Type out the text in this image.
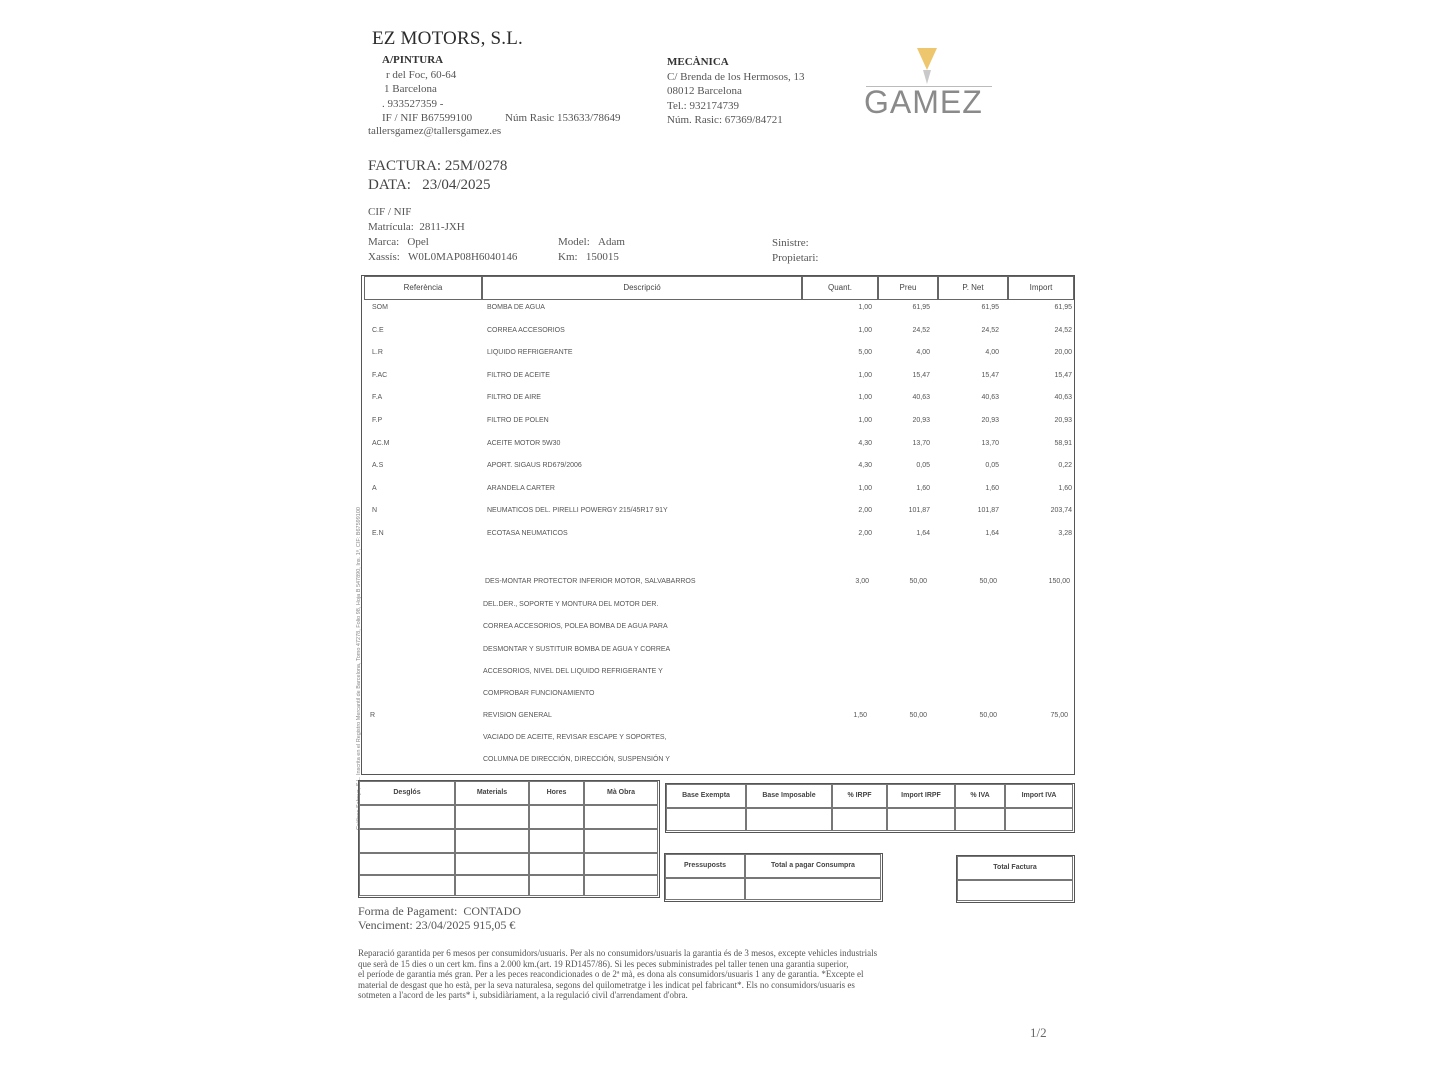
EZ MOTORS, S.L.
A/PINTURA
r del Foc, 60-64
1 Barcelona
. 933527359 -
IF / NIF B67599100
tallersgamez@tallersgamez.es
Núm Rasic 153633/78649
MECÀNICA
C/ Brenda de los Hermosos, 13
08012 Barcelona
Tel.: 932174739
Núm. Rasic: 67369/84721	GAMEZ
FACTURA: 25M/0278
DATA: 23/04/2025
CIF / NIF
Matrícula: 2811-JXH
Marca: Opel
Xassís: W0L0MAP08H6040146
Model: Adam
Km: 150015
Sinistre:
Propietari:
Gráficos Saboya, S.L. Inscrita en el Registro Mercantil de Barcelona, Tomo 47278, Folio 98, Hoja B 547890, Ins. 1ª, CIF: B67599100
Referència	Descripció	Quant.	Preu	P. Net	Import
SOM	BOMBA DE AGUA	1,00	61,95	61,95	61,95
C.E	CORREA ACCESORIOS	1,00	24,52	24,52	24,52
L.R	LIQUIDO REFRIGERANTE	5,00	4,00	4,00	20,00
F.AC	FILTRO DE ACEITE	1,00	15,47	15,47	15,47
F.A	FILTRO DE AIRE	1,00	40,63	40,63	40,63
F.P	FILTRO DE POLEN	1,00	20,93	20,93	20,93
AC.M	ACEITE MOTOR 5W30	4,30	13,70	13,70	58,91
A.S	APORT. SIGAUS RD679/2006	4,30	0,05	0,05	0,22
A	ARANDELA CARTER	1,00	1,60	1,60	1,60
N	NEUMATICOS DEL. PIRELLI POWERGY 215/45R17 91Y	2,00	101,87	101,87	203,74
E.N	ECOTASA NEUMATICOS	2,00	1,64	1,64	3,28
DES-MONTAR PROTECTOR INFERIOR MOTOR, SALVABARROS	3,00	50,00	50,00	150,00
DEL.DER., SOPORTE Y MONTURA DEL MOTOR DER.
CORREA ACCESORIOS, POLEA BOMBA DE AGUA PARA
DESMONTAR Y SUSTITUIR BOMBA DE AGUA Y CORREA
ACCESORIOS, NIVEL DEL LIQUIDO REFRIGERANTE Y
COMPROBAR FUNCIONAMIENTO
R	REVISION GENERAL	1,50	50,00	50,00	75,00
VACIADO DE ACEITE, REVISAR ESCAPE Y SOPORTES,
COLUMNA DE DIRECCIÓN, DIRECCIÓN, SUSPENSIÓN Y
Desglós	Materials	Hores	Mà Obra	Base Exempta	Base Imposable	% IRPF	Import IRPF	% IVA	Import IVA
Pressuposts	Total a pagar Consumpra	Total Factura
Forma de Pagament: CONTADO
Venciment: 23/04/2025 915,05 €
Reparació garantida per 6 mesos per consumidors/usuaris. Per als no consumidors/usuaris la garantia és de 3 mesos, excepte vehicles industrials
que serà de 15 dies o un cert km. fins a 2.000 km.(art. 19 RD1457/86). Si les peces subministrades pel taller tenen una garantia superior,
el període de garantia més gran. Per a les peces reacondicionades o de 2ª mà, es dona als consumidors/usuaris 1 any de garantia. *Excepte el
material de desgast que ho està, per la seva naturalesa, segons del quilometratge i les indicat pel fabricant*. Els no consumidors/usuaris es
sotmeten a l'acord de les parts* i, subsidiàriament, a la regulació civil d'arrendament d'obra.
1/2
